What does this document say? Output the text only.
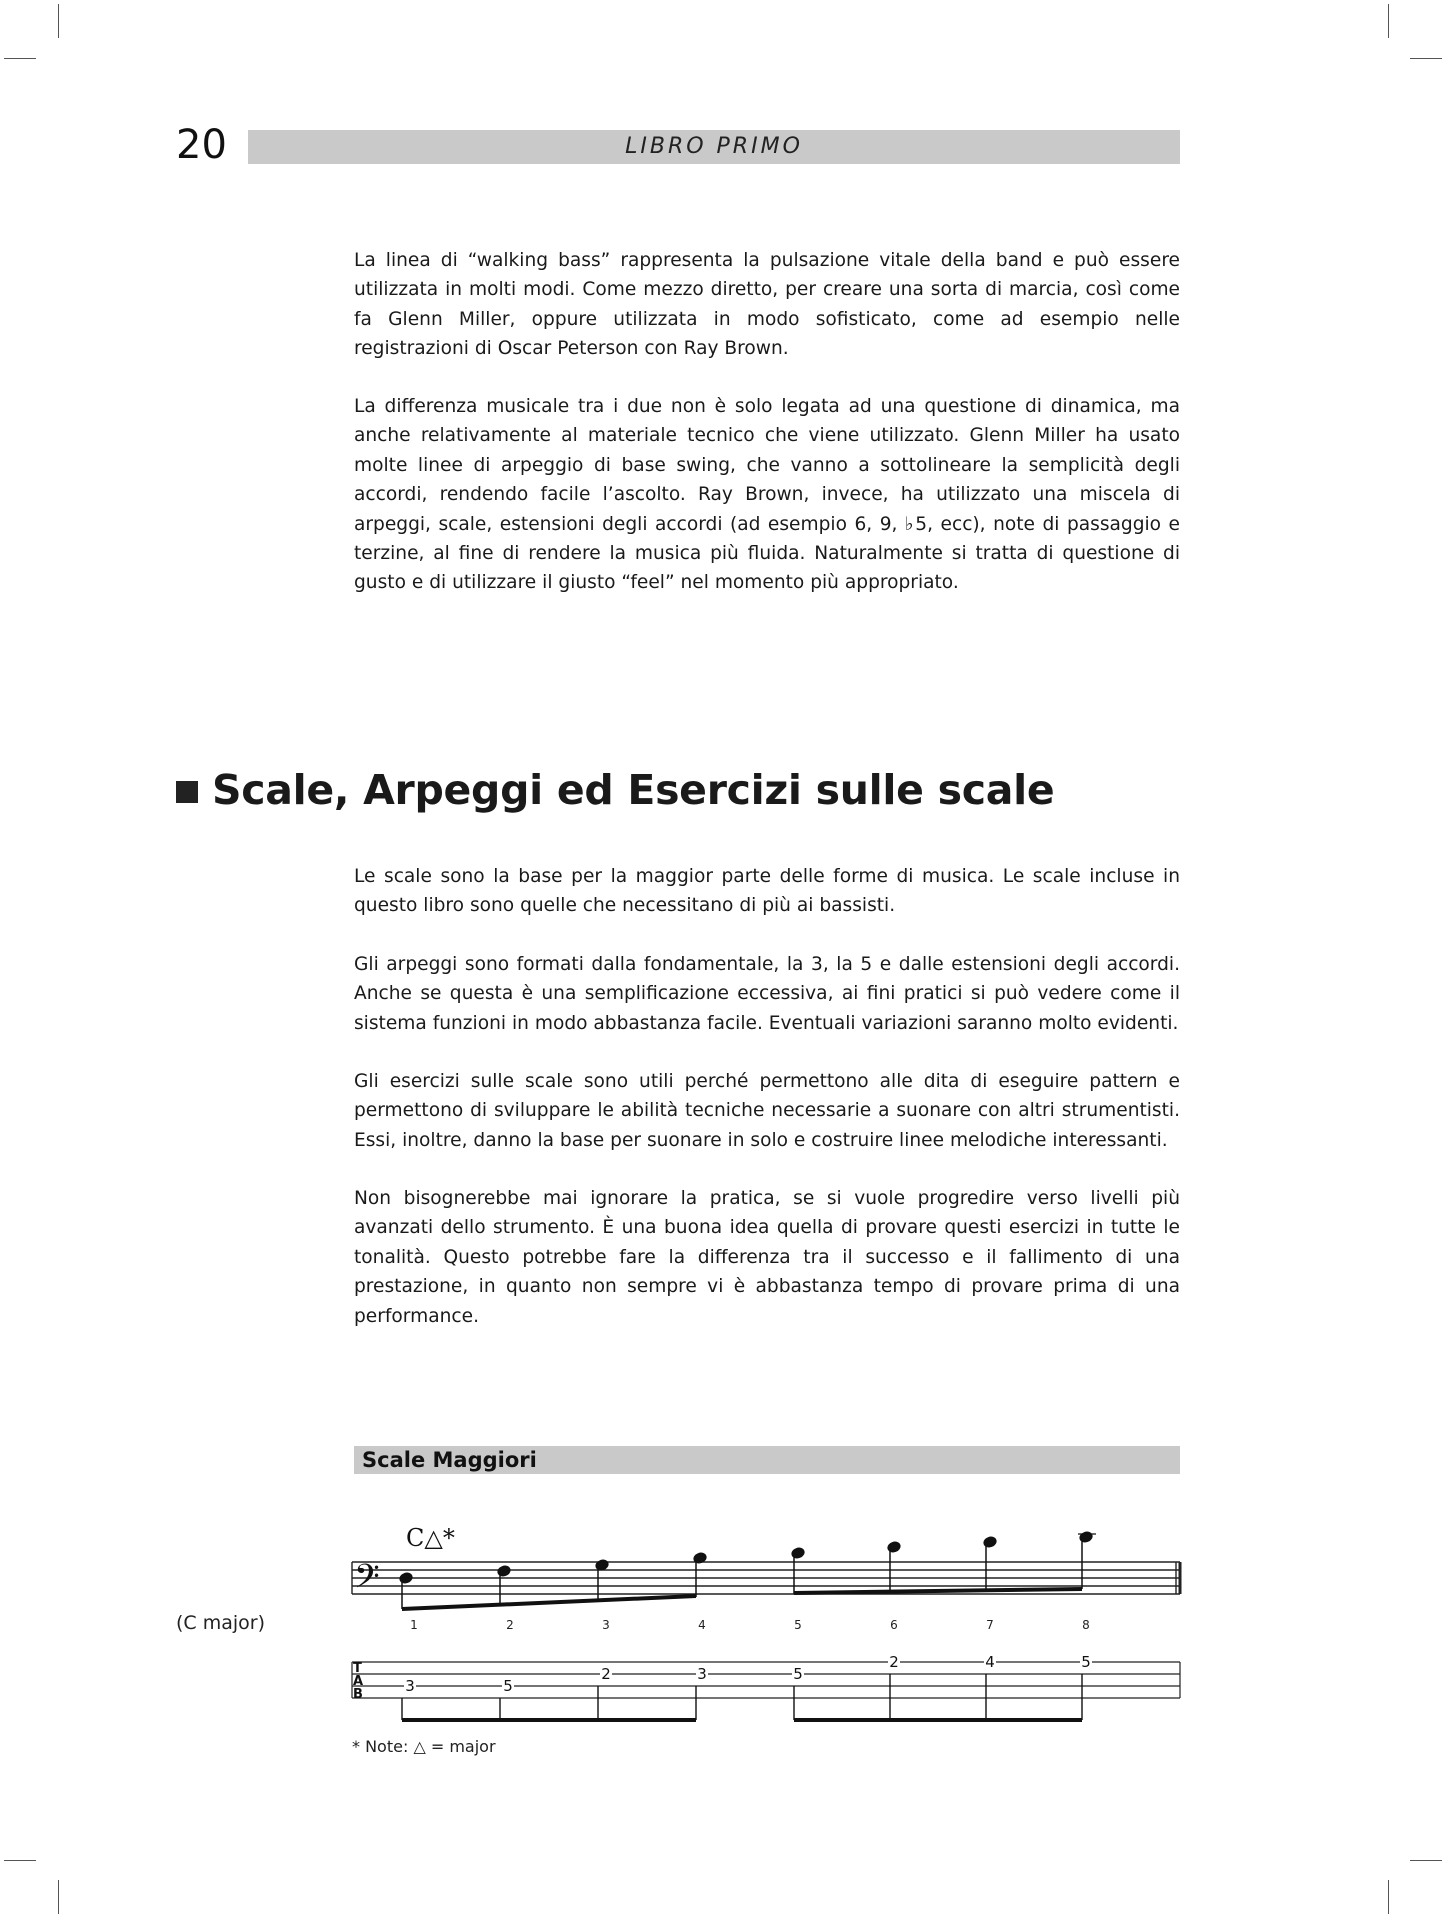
20	LIBRO PRIMO

La linea di “walking bass” rappresenta la pulsazione vitale della band e può essere utilizzata in molti modi. Come mezzo diretto, per creare una sorta di marcia, così come fa Glenn Miller, oppure utilizzata in modo sofisticato, come ad esempio nelle registrazioni di Oscar Peterson con Ray Brown.

La differenza musicale tra i due non è solo legata ad una questione di dinamica, ma anche relativamente al materiale tecnico che viene utilizzato. Glenn Miller ha usato molte linee di arpeggio di base swing, che vanno a sottolineare la semplicità degli accordi, rendendo facile l’ascolto. Ray Brown, invece, ha utilizzato una miscela di arpeggi, scale, estensioni degli accordi (ad esempio 6, 9, ♭5, ecc), note di passaggio e terzine, al fine di rendere la musica più fluida. Naturalmente si tratta di questione di gusto e di utilizzare il giusto “feel” nel momento più appropriato.

Scale, Arpeggi ed Esercizi sulle scale

Le scale sono la base per la maggior parte delle forme di musica. Le scale incluse in questo libro sono quelle che necessitano di più ai bassisti.

Gli arpeggi sono formati dalla fondamentale, la 3, la 5 e dalle estensioni degli accordi. Anche se questa è una semplificazione eccessiva, ai fini pratici si può vedere come il sistema funzioni in modo abbastanza facile. Eventuali variazioni saranno molto evidenti.

Gli esercizi sulle scale sono utili perché permettono alle dita di eseguire pattern e permettono di sviluppare le abilità tecniche necessarie a suonare con altri strumentisti. Essi, inoltre, danno la base per suonare in solo e costruire linee melodiche interessanti.

Non bisognerebbe mai ignorare la pratica, se si vuole progredire verso livelli più avanzati dello strumento. È una buona idea quella di provare questi esercizi in tutte le tonalità. Questo potrebbe fare la differenza tra il successo e il fallimento di una prestazione, in quanto non sempre vi è abbastanza tempo di provare prima di una performance.

Scale Maggiori
(C major)
C△*
𝄢
1	2	3	4	5	6	7	8
T
A
B	3	5
2	3	5
2	4	5
* Note: △ = major
